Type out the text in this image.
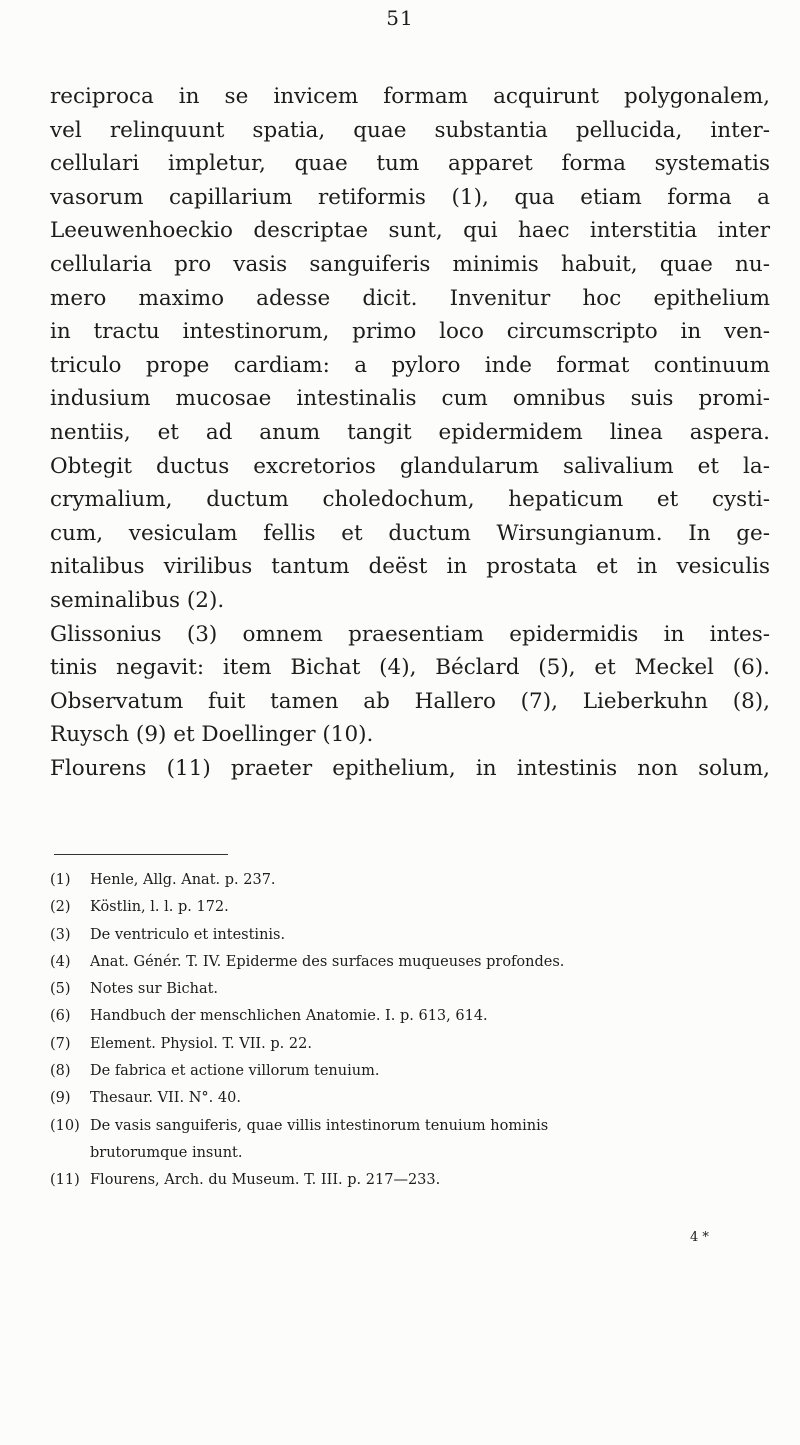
51
reciproca in se invicem formam acquirunt polygonalem,
vel relinquunt spatia, quae substantia pellucida, inter-
cellulari impletur, quae tum apparet forma systematis
vasorum capillarium retiformis (1), qua etiam forma a
Leeuwenhoeckio descriptae sunt, qui haec interstitia inter
cellularia pro vasis sanguiferis minimis habuit, quae nu-
mero maximo adesse dicit. Invenitur hoc epithelium
in tractu intestinorum, primo loco circumscripto in ven-
triculo prope cardiam: a pyloro inde format continuum
indusium mucosae intestinalis cum omnibus suis promi-
nentiis, et ad anum tangit epidermidem linea aspera.
Obtegit ductus excretorios glandularum salivalium et la-
crymalium, ductum choledochum, hepaticum et cysti-
cum, vesiculam fellis et ductum Wirsungianum. In ge-
nitalibus virilibus tantum deëst in prostata et in vesiculis
seminalibus (2).
Glissonius (3) omnem praesentiam epidermidis in intes-
tinis negavit: item Bichat (4), Béclard (5), et Meckel (6).
Observatum fuit tamen ab Hallero (7), Lieberkuhn (8),
Ruysch (9) et Doellinger (10).
Flourens (11) praeter epithelium, in intestinis non solum,
(1) Henle, Allg. Anat. p. 237.
(2) Köstlin, l. l. p. 172.
(3) De ventriculo et intestinis.
(4) Anat. Génér. T. IV. Epiderme des surfaces muqueuses profondes.
(5) Notes sur Bichat.
(6) Handbuch der menschlichen Anatomie. I. p. 613, 614.
(7) Element. Physiol. T. VII. p. 22.
(8) De fabrica et actione villorum tenuium.
(9) Thesaur. VII. N°. 40.
(10) De vasis sanguiferis, quae villis intestinorum tenuium hominis
brutorumque insunt.
(11) Flourens, Arch. du Museum. T. III. p. 217—233.
4 *
